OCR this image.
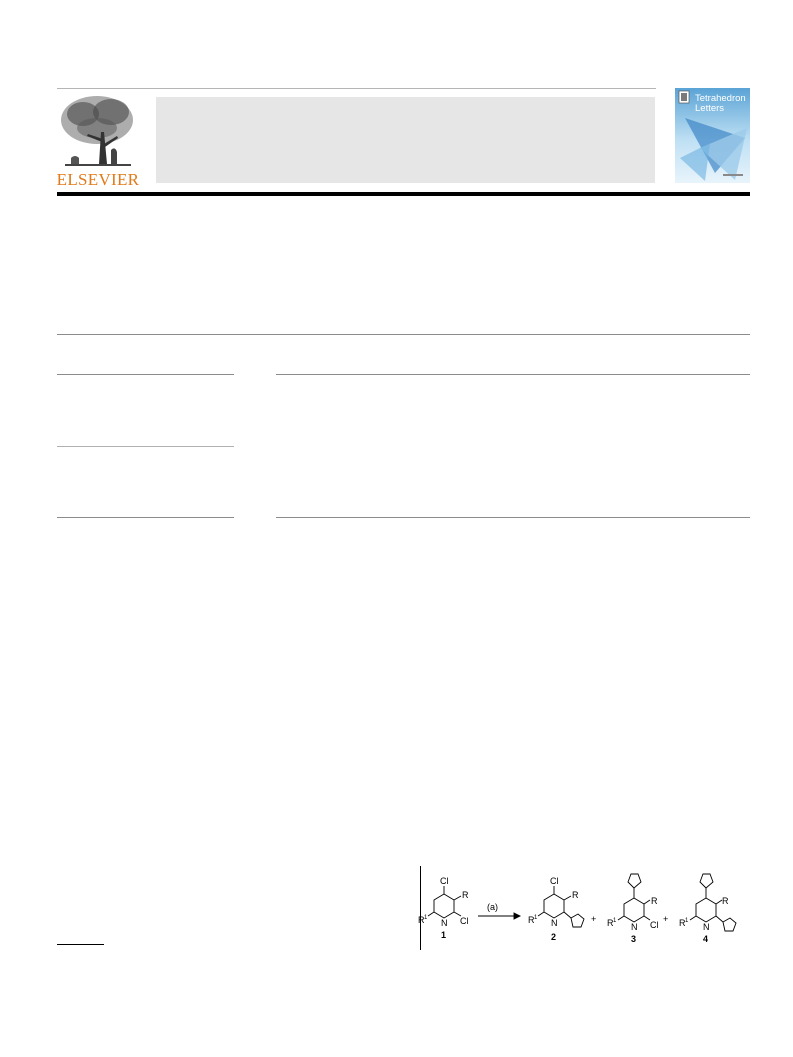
ELSEVIER
Tetrahedron
Letters
Cl
R
N Cl
R 1
1
(a)
Cl
R
N
R 1
2
+
R
N Cl
R 1
3
+
R
N
R 1
4
